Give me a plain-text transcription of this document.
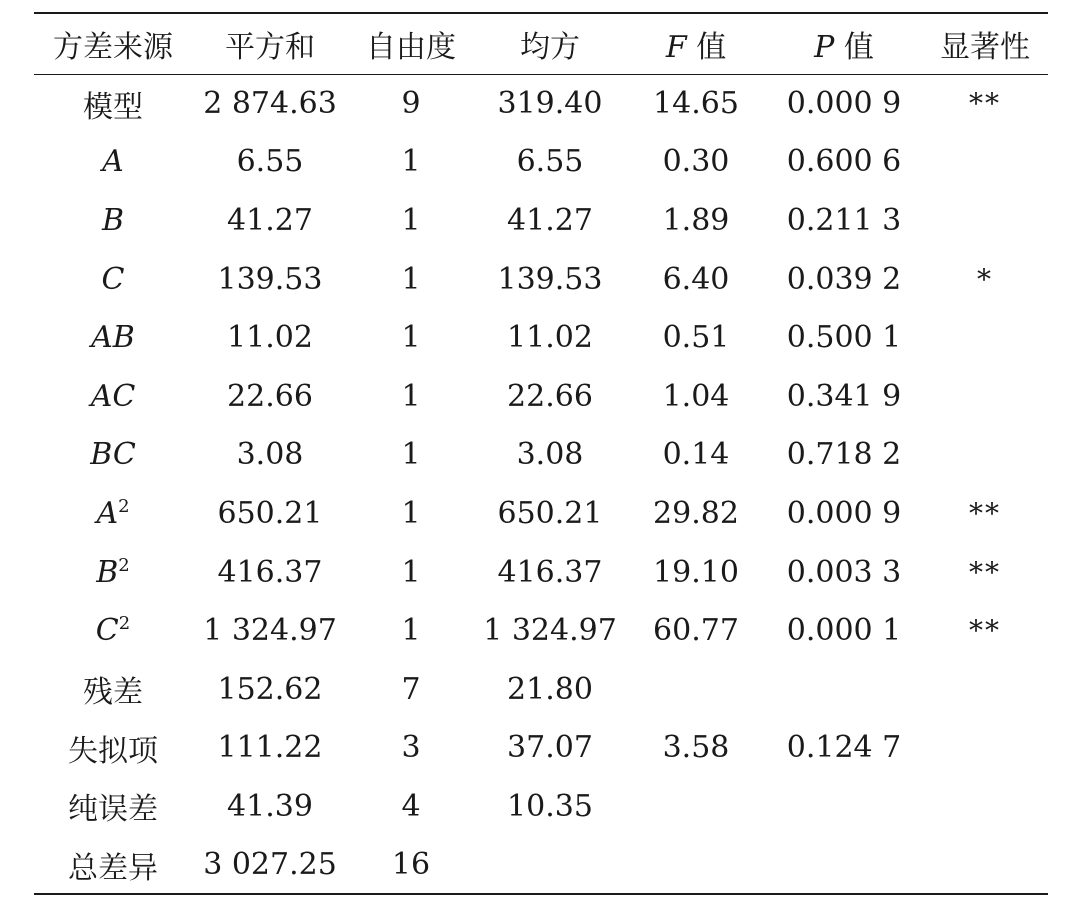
方差来源	平方和	自由度	均方	F 值	P 值	显著性
模型	2 874.63	9	319.40	14.65	0.000 9	**
A	6.55	1	6.55	0.30	0.600 6	
B	41.27	1	41.27	1.89	0.211 3	
C	139.53	1	139.53	6.40	0.039 2	*
AB	11.02	1	11.02	0.51	0.500 1	
AC	22.66	1	22.66	1.04	0.341 9	
BC	3.08	1	3.08	0.14	0.718 2	
$A^2$	650.21	1	650.21	29.82	0.000 9	**
$B^2$	416.37	1	416.37	19.10	0.003 3	**
$C^2$	1 324.97	1	1 324.97	60.77	0.000 1	**
残差	152.62	7	21.80			
失拟项	111.22	3	37.07	3.58	0.124 7	
纯误差	41.39	4	10.35			
总差异	3 027.25	16				
